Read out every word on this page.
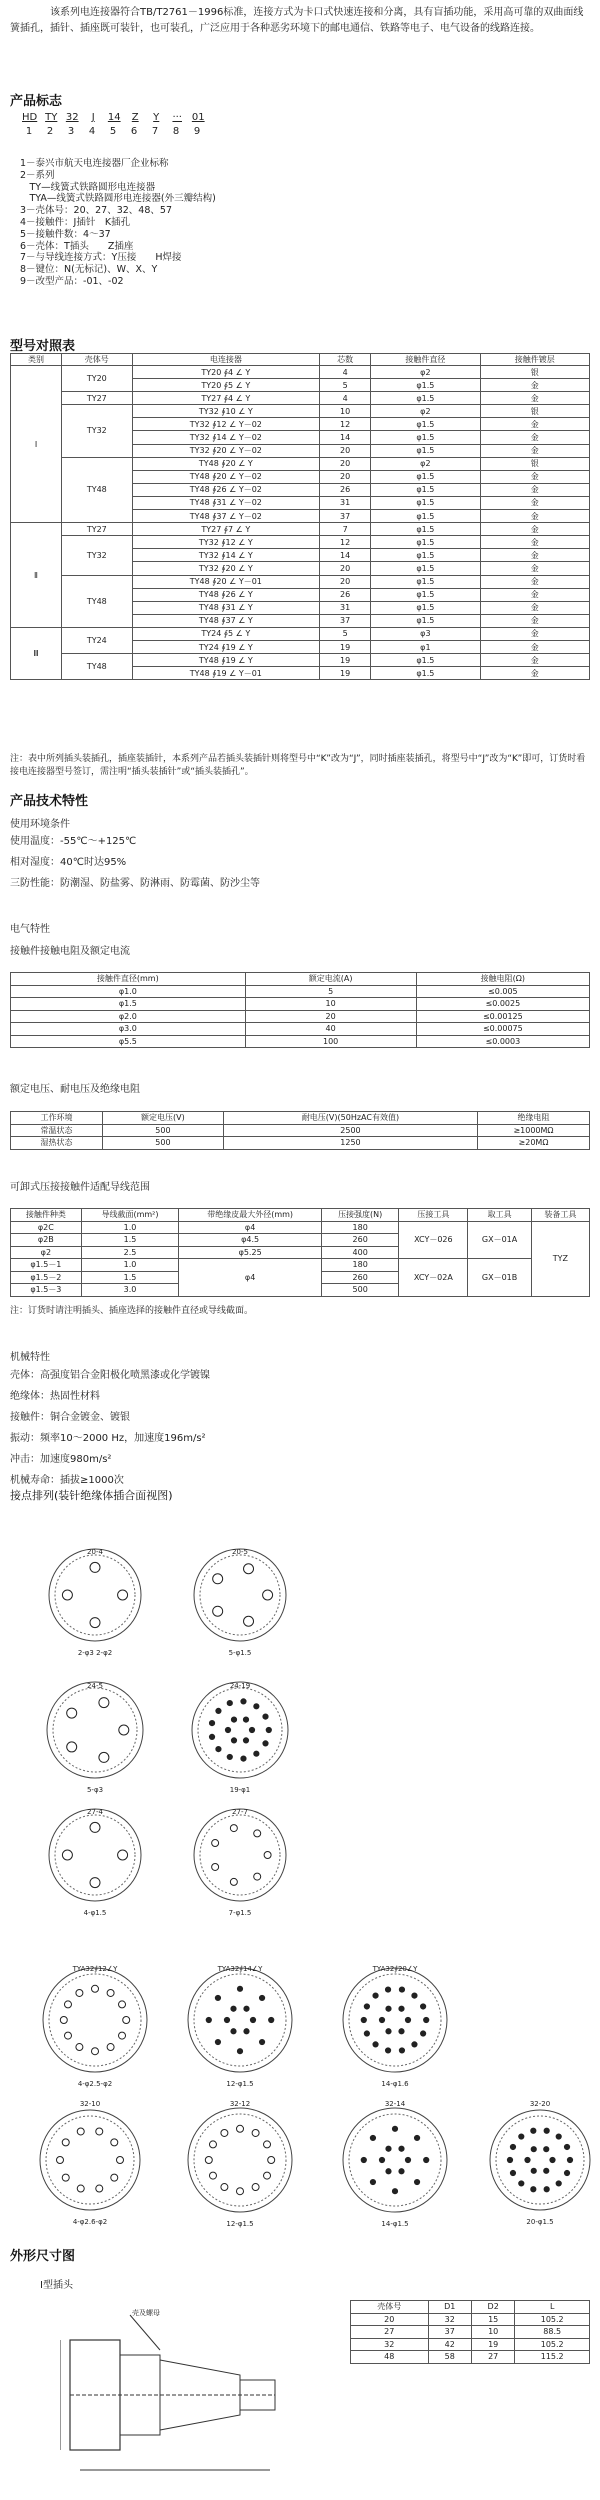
该系列电连接器符合TB/T2761－1996标准，连接方式为卡口式快速连接和分离，具有盲插功能，采用高可靠的双曲面线簧插孔，插针、插座既可装针，也可装孔，广泛应用于各种恶劣环境下的邮电通信、铁路等电子、电气设备的线路连接。
产品标志
HD TY 32	J	14	Z	Y	··· 01
1	2	3	4	5	6	7	8	9
1－泰兴市航天电连接器厂企业标称
2－系列
　TY—线簧式铁路圆形电连接器
　TYA—线簧式铁路圆形电连接器(外三瓣结构)
3－壳体号：20、27、32、48、57
4－接触件：J插针　K插孔
5－接触件数：4～37
6－壳体：T插头　　Z插座
7－与导线连接方式：Y压接　　H焊接
8－键位：N(无标记)、W、X、Y
9－改型产品：-01、-02
型号对照表
类别	壳体号	电连接器	芯数	接触件直径	接触件镀层
Ⅰ	TY20	TY20 ∮4 ∠ Y	4	φ2	银
		TY20 ∮5 ∠ Y	5	φ1.5	金
	TY27	TY27 ∮4 ∠ Y	4	φ1.5	金
	TY32	TY32 ∮10 ∠ Y	10	φ2	银
		TY32 ∮12 ∠ Y－02	12	φ1.5	金
		TY32 ∮14 ∠ Y－02	14	φ1.5	金
		TY32 ∮20 ∠ Y－02	20	φ1.5	金
	TY48	TY48 ∮20 ∠ Y	20	φ2	银
		TY48 ∮20 ∠ Y－02	20	φ1.5	金
		TY48 ∮26 ∠ Y－02	26	φ1.5	金
		TY48 ∮31 ∠ Y－02	31	φ1.5	金
		TY48 ∮37 ∠ Y－02	37	φ1.5	金
Ⅱ	TY27	TY27 ∮7 ∠ Y	7	φ1.5	金
	TY32	TY32 ∮12 ∠ Y	12	φ1.5	金
		TY32 ∮14 ∠ Y	14	φ1.5	金
		TY32 ∮20 ∠ Y	20	φ1.5	金
	TY48	TY48 ∮20 ∠ Y－01	20	φ1.5	金
		TY48 ∮26 ∠ Y	26	φ1.5	金
		TY48 ∮31 ∠ Y	31	φ1.5	金
		TY48 ∮37 ∠ Y	37	φ1.5	金
Ⅲ	TY24	TY24 ∮5 ∠ Y	5	φ3	金
		TY24 ∮19 ∠ Y	19	φ1	金
	TY48	TY48 ∮19 ∠ Y	19	φ1.5	金
		TY48 ∮19 ∠ Y－01	19	φ1.5	金
注：表中所列插头装插孔，插座装插针，本系列产品若插头装插针则将型号中“K”改为“J”，同时插座装插孔，将型号中“J”改为“K”即可，订货时看接电连接器型号签订，需注明“插头装插针”或“插头装插孔”。
产品技术特性
使用环境条件
使用温度：-55℃～+125℃
相对湿度：40℃时达95%
三防性能：防潮湿、防盐雾、防淋雨、防霉菌、防沙尘等
电气特性
接触件接触电阻及额定电流
接触件直径(mm)	额定电流(A)	接触电阻(Ω)
φ1.0	5	≤0.005
φ1.5	10	≤0.0025
φ2.0	20	≤0.00125
φ3.0	40	≤0.00075
φ5.5	100	≤0.0003
额定电压、耐电压及绝缘电阻
工作环境	额定电压(V)	耐电压(V)(50HzAC有效值)	绝缘电阻
常温状态	500	2500	≥1000MΩ
湿热状态	500	1250	≥20MΩ
可卸式压接接触件适配导线范围
接触件种类	导线截面(mm²)	带绝缘皮最大外径(mm)	压接强度(N)	压接工具	取工具	装备工具
φ2C	1.0	φ4	180	XCY－026	GX－01A	TYZ
φ2B	1.5	φ4.5	260			
φ2	2.5	φ5.25	400			
φ1.5－1	1.0	φ4	180	XCY－02A	GX－01B	
φ1.5－2	1.5		260			
φ1.5－3	3.0		500			
注：订货时请注明插头、插座选择的接触件直径或导线截面。
机械特性
壳体：高强度铝合金阳极化喷黑漆或化学镀镍
绝缘体：热固性材料
接触件：铜合金镀金、镀银
振动：频率10～2000 Hz，加速度196m/s²
冲击：加速度980m/s²
机械寿命：插拔≥1000次
接点排列(装针绝缘体插合面视图)
20-4
2-φ3 2-φ2
20-5
5-φ1.5
24-5
5-φ3
24-19
19-φ1
27-4
4-φ1.5
27-7
7-φ1.5
TYA32∮12∠Y
4-φ2.5-φ2
TYA32∮14∠Y
12-φ1.5
TYA32∮20∠Y
14-φ1.6
32-10
4-φ2.6-φ2
32-12
12-φ1.5
32-14
14-φ1.5
32-20
20-φ1.5
外形尺寸图
Ⅰ型插头
壳及螺母
壳体号	D1	D2	L
20	32	15	105.2
27	37	10	88.5
32	42	19	105.2
48	58	27	115.2
